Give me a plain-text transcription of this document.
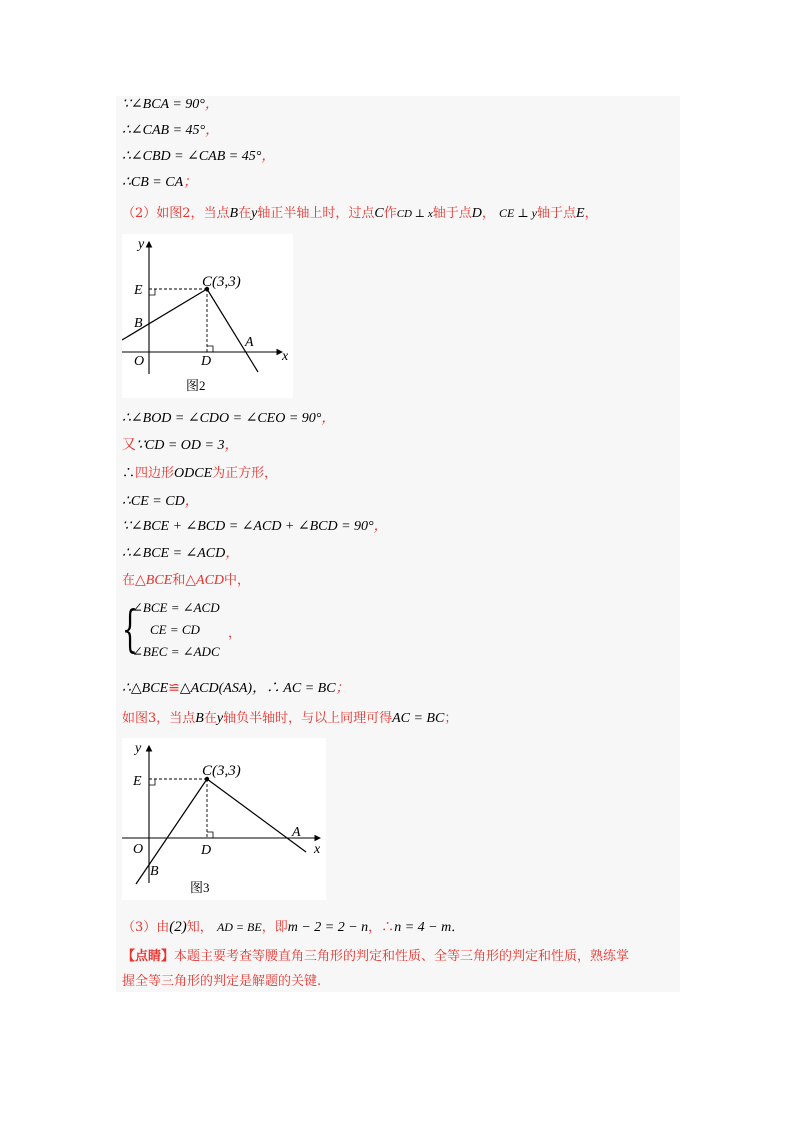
∵∠BCA = 90°，
∴∠CAB = 45°，
∴∠CBD = ∠CAB = 45°，
∴CB = CA；
（2）如图2，当点B在y轴正半轴上时，过点C作CD ⊥ x轴于点D， CE ⊥ y轴于点E，
y
x
O
E
B
D
A
C(3,3)
图2
∴∠BOD = ∠CDO = ∠CEO = 90°，
又∵CD = OD = 3，
∴四边形ODCE为正方形，
∴CE = CD，
∵∠BCE + ∠BCD = ∠ACD + ∠BCD = 90°，
∴∠BCE = ∠ACD，
在△BCE和△ACD中，
{
∠BCE = ∠ACD
CE = CD
∠BEC = ∠ADC
，
∴△BCE≌△ACD(ASA)，∴ AC = BC；
如图3，当点B在y轴负半轴时，与以上同理可得AC = BC；
y
x
O
E
B
D
A
C(3,3)
图3
（3）由(2)知， AD = BE，即m − 2 = 2 − n，∴n = 4 − m．
【点睛】本题主要考查等腰直角三角形的判定和性质、全等三角形的判定和性质，熟练掌
握全等三角形的判定是解题的关键.
